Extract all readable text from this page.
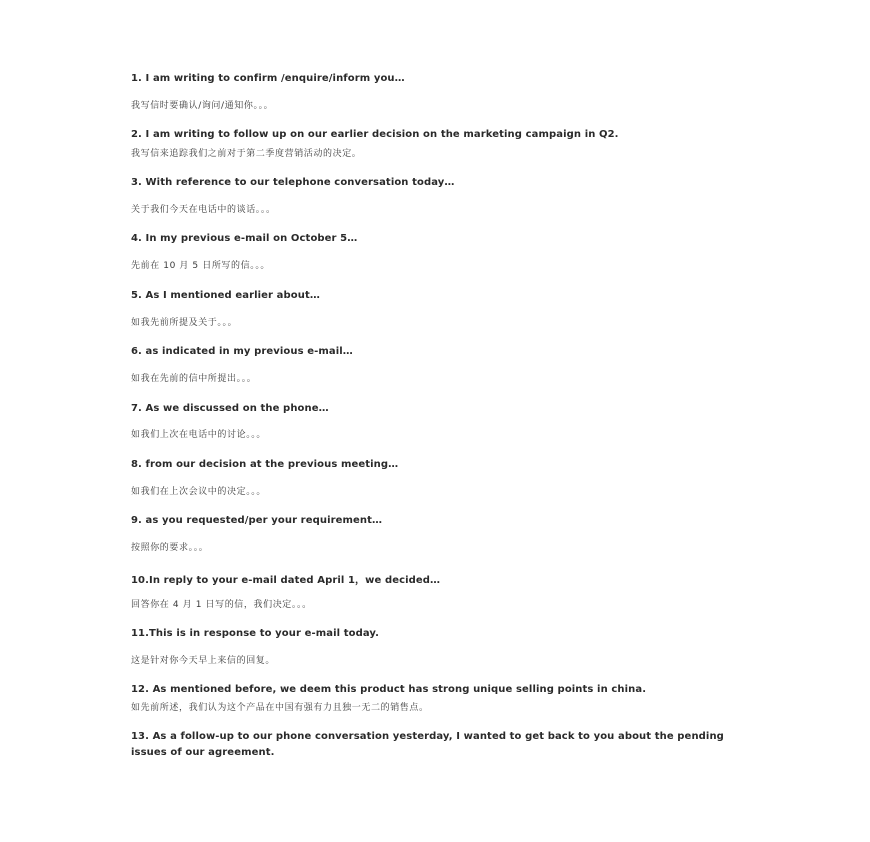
1. I am writing to confirm /enquire/inform you…

我写信时要确认/询问/通知你。。。

2. I am writing to follow up on our earlier decision on the marketing campaign in Q2.

我写信来追踪我们之前对于第二季度营销活动的决定。

3. With reference to our telephone conversation today…

关于我们今天在电话中的谈话。。。

4. In my previous e-mail on October 5…

先前在 10 月 5 日所写的信。。。

5. As I mentioned earlier about…

如我先前所提及关于。。。

6. as indicated in my previous e-mail…

如我在先前的信中所提出。。。

7. As we discussed on the phone…

如我们上次在电话中的讨论。。。

8. from our decision at the previous meeting…

如我们在上次会议中的决定。。。

9. as you requested/per your requirement…

按照你的要求。。。

10.In reply to your e-mail dated April 1，we decided…

回答你在 4 月 1 日写的信，我们决定。。。

11.This is in response to your e-mail today.

这是针对你今天早上来信的回复。

12. As mentioned before, we deem this product has strong unique selling points in china.

如先前所述，我们认为这个产品在中国有强有力且独一无二的销售点。

13. As a follow-up to our phone conversation yesterday, I wanted to get back to you about the pending issues of our agreement.
